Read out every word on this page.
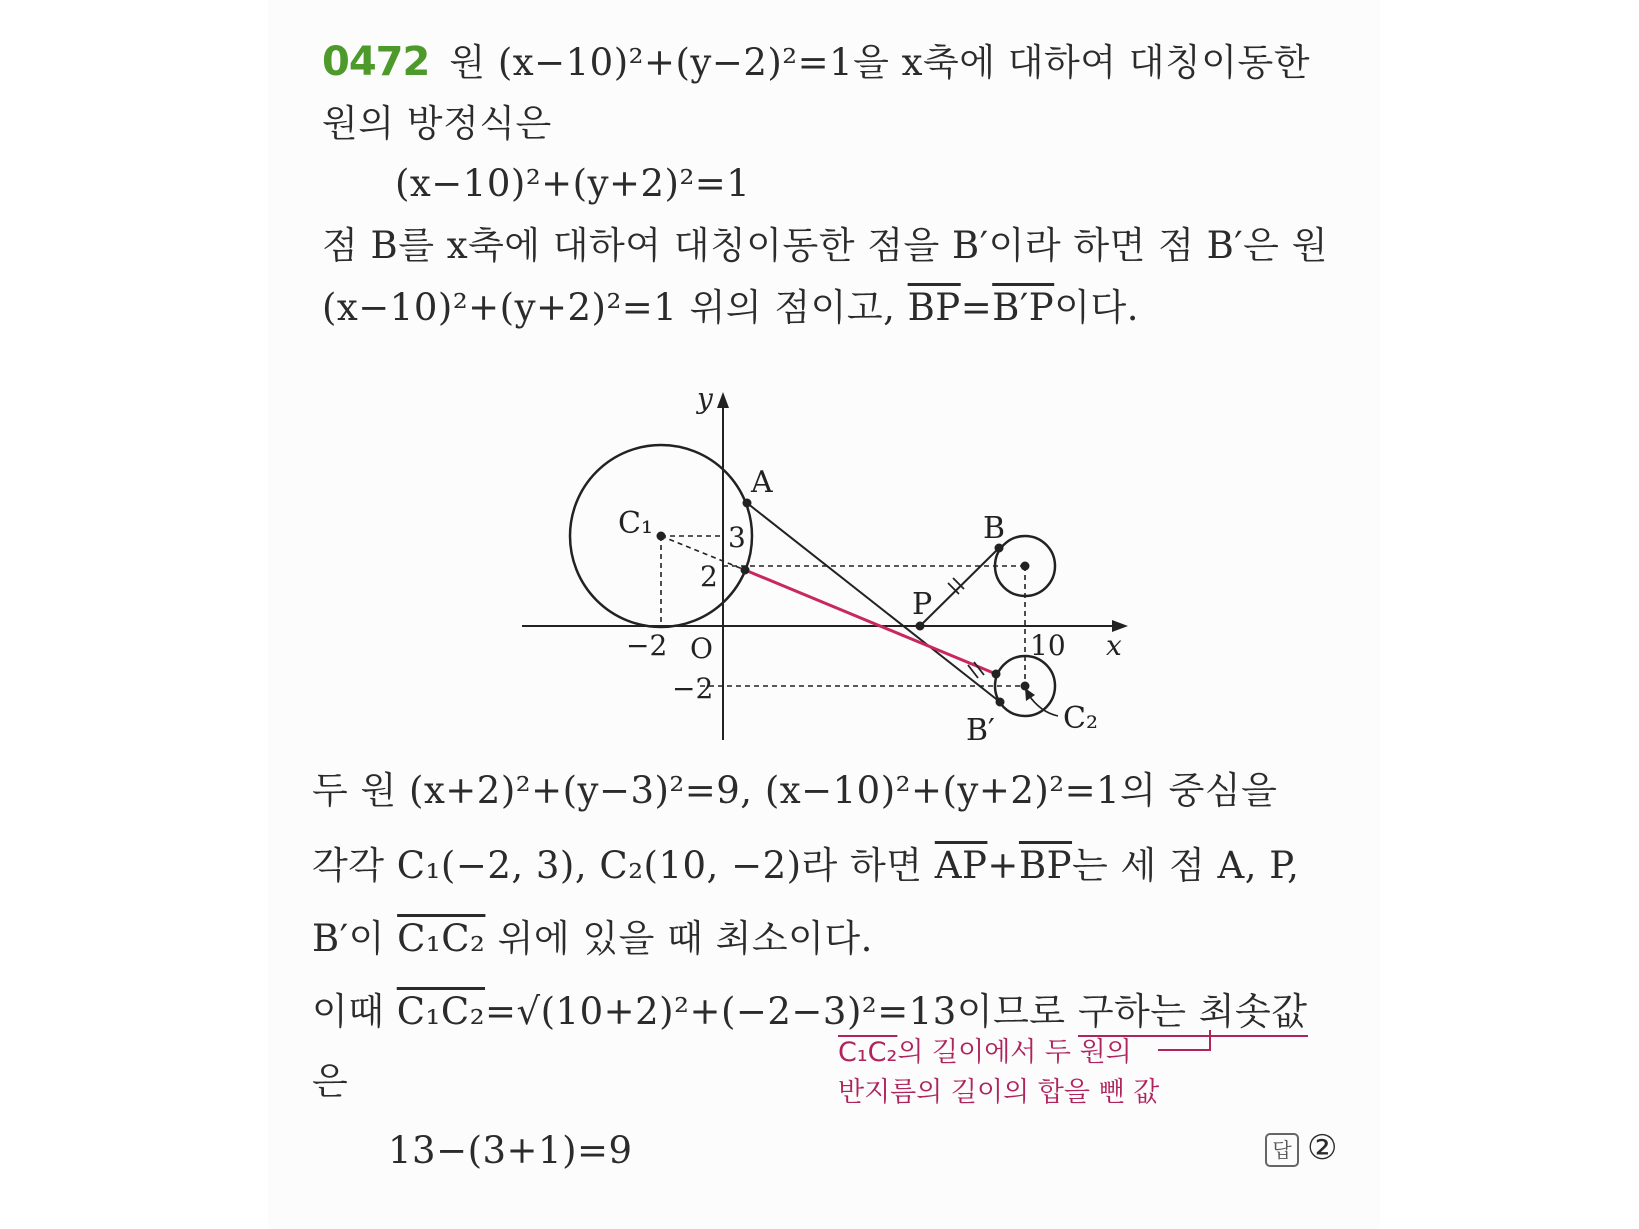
0472 원 (x−10)²+(y−2)²=1을 x축에 대하여 대칭이동한
원의 방정식은
(x−10)²+(y+2)²=1
점 B를 x축에 대하여 대칭이동한 점을 B′이라 하면 점 B′은 원
(x−10)²+(y+2)²=1 위의 점이고, $\overline{BP}=B'P$이다.
y
x
O
A
B
P
B′
C₁
C₂
3
2
−2	10
−2
두 원 (x+2)²+(y−3)²=9, (x−10)²+(y+2)²=1의 중심을
각각 C₁(−2, 3), C₂(10, −2)라 하면 $\overline{AP}+\overline{BP}$는 세 점 A, P,
B′이 C₁C₂ 위에 있을 때 최소이다.
이때 C₁C₂=√(10+2)²+(−2−3)²=13이므로 구하는 최솟값
은
13−(3+1)=9
C₁C₂의 길이에서 두 원의
반지름의 길이의 합을 뺀 값
답 ②
